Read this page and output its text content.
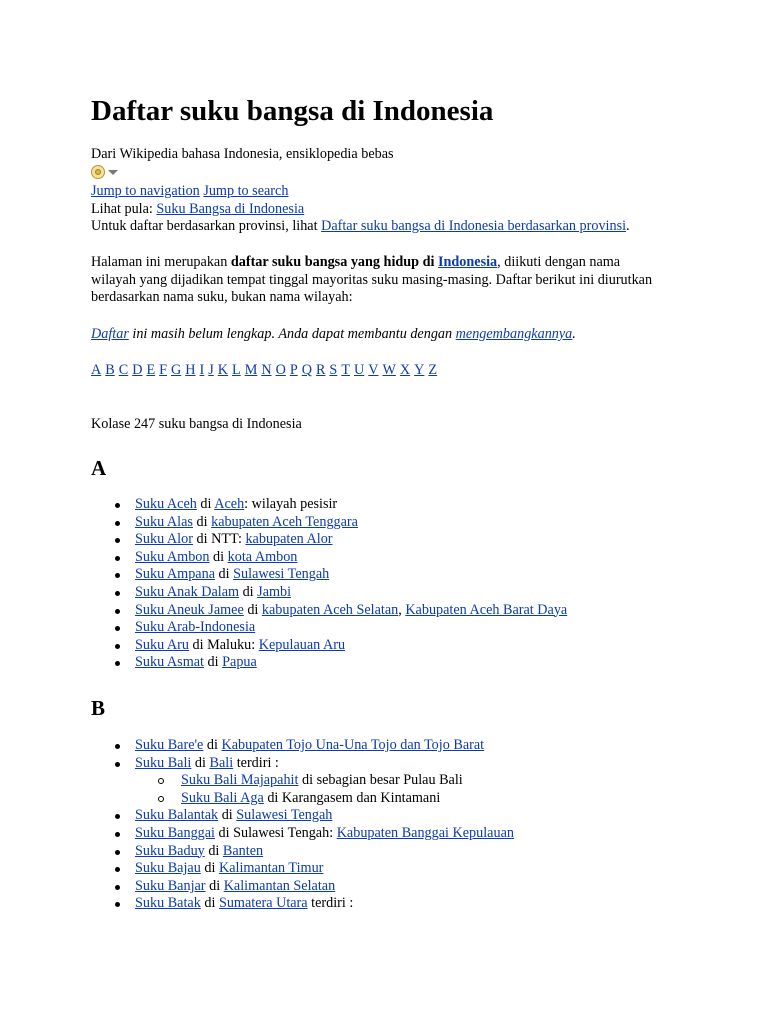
Daftar suku bangsa di Indonesia
Dari Wikipedia bahasa Indonesia, ensiklopedia bebas
Jump to navigation Jump to search
Lihat pula: Suku Bangsa di Indonesia
Untuk daftar berdasarkan provinsi, lihat Daftar suku bangsa di Indonesia berdasarkan provinsi.

Halaman ini merupakan daftar suku bangsa yang hidup di Indonesia, diikuti dengan nama wilayah yang dijadikan tempat tinggal mayoritas suku masing-masing. Daftar berikut ini diurutkan berdasarkan nama suku, bukan nama wilayah:

Daftar ini masih belum lengkap. Anda dapat membantu dengan mengembangkannya.
A B C D E F G H I J K L M N O P Q R S T U V W X Y Z
Kolase 247 suku bangsa di Indonesia
A
Suku Aceh di Aceh: wilayah pesisir
Suku Alas di kabupaten Aceh Tenggara
Suku Alor di NTT: kabupaten Alor
Suku Ambon di kota Ambon
Suku Ampana di Sulawesi Tengah
Suku Anak Dalam di Jambi
Suku Aneuk Jamee di kabupaten Aceh Selatan, Kabupaten Aceh Barat Daya
Suku Arab-Indonesia
Suku Aru di Maluku: Kepulauan Aru
Suku Asmat di Papua
B
Suku Bare'e di Kabupaten Tojo Una-Una Tojo dan Tojo Barat
Suku Bali di Bali terdiri :
Suku Bali Majapahit di sebagian besar Pulau Bali
Suku Bali Aga di Karangasem dan Kintamani
Suku Balantak di Sulawesi Tengah
Suku Banggai di Sulawesi Tengah: Kabupaten Banggai Kepulauan
Suku Baduy di Banten
Suku Bajau di Kalimantan Timur
Suku Banjar di Kalimantan Selatan
Suku Batak di Sumatera Utara terdiri :
